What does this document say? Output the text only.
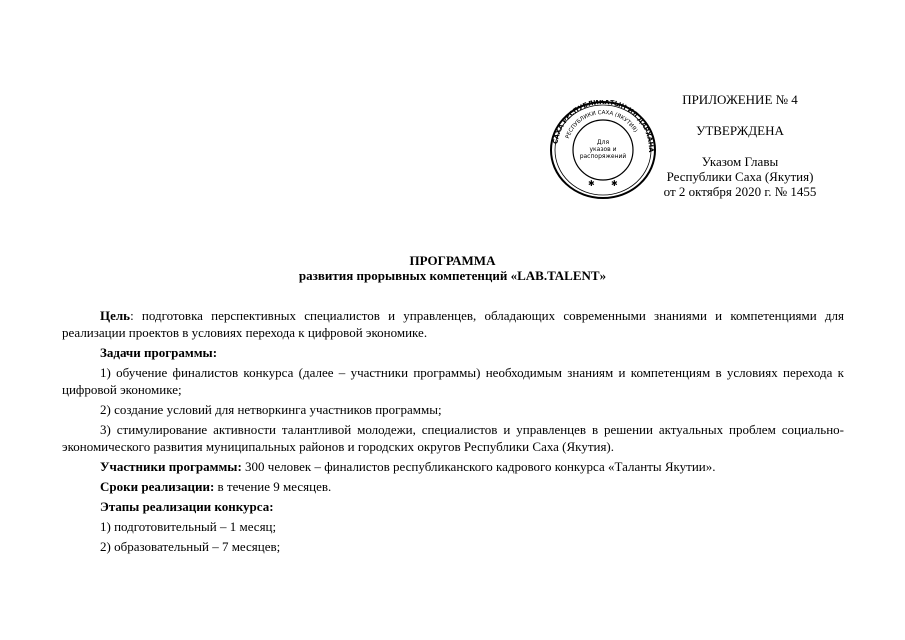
САХА РЕСПУБЛИКАТЫН ИЛ ДАРХАНА
РЕСПУБЛИКИ САХА (ЯКУТИЯ)
Для
указов и
распоряжений
✱ ✱
ПРИЛОЖЕНИЕ № 4
УТВЕРЖДЕНА
Указом Главы
Республики Саха (Якутия)
от 2 октября 2020 г. № 1455
ПРОГРАММА
развития прорывных компетенций «LAB.TALENT»

Цель: подготовка перспективных специалистов и управленцев, обладающих современными знаниями и компетенциями для реализации проектов в условиях перехода к цифровой экономике.

Задачи программы:

1) обучение финалистов конкурса (далее – участники программы) необходимым знаниям и компетенциям в условиях перехода к цифровой экономике;

2) создание условий для нетворкинга участников программы;

3) стимулирование активности талантливой молодежи, специалистов и управленцев в решении актуальных проблем социально-экономического развития муниципальных районов и городских округов Республики Саха (Якутия).

Участники программы: 300 человек – финалистов республиканского кадрового конкурса «Таланты Якутии».

Сроки реализации: в течение 9 месяцев.

Этапы реализации конкурса:

1) подготовительный – 1 месяц;

2) образовательный – 7 месяцев;
